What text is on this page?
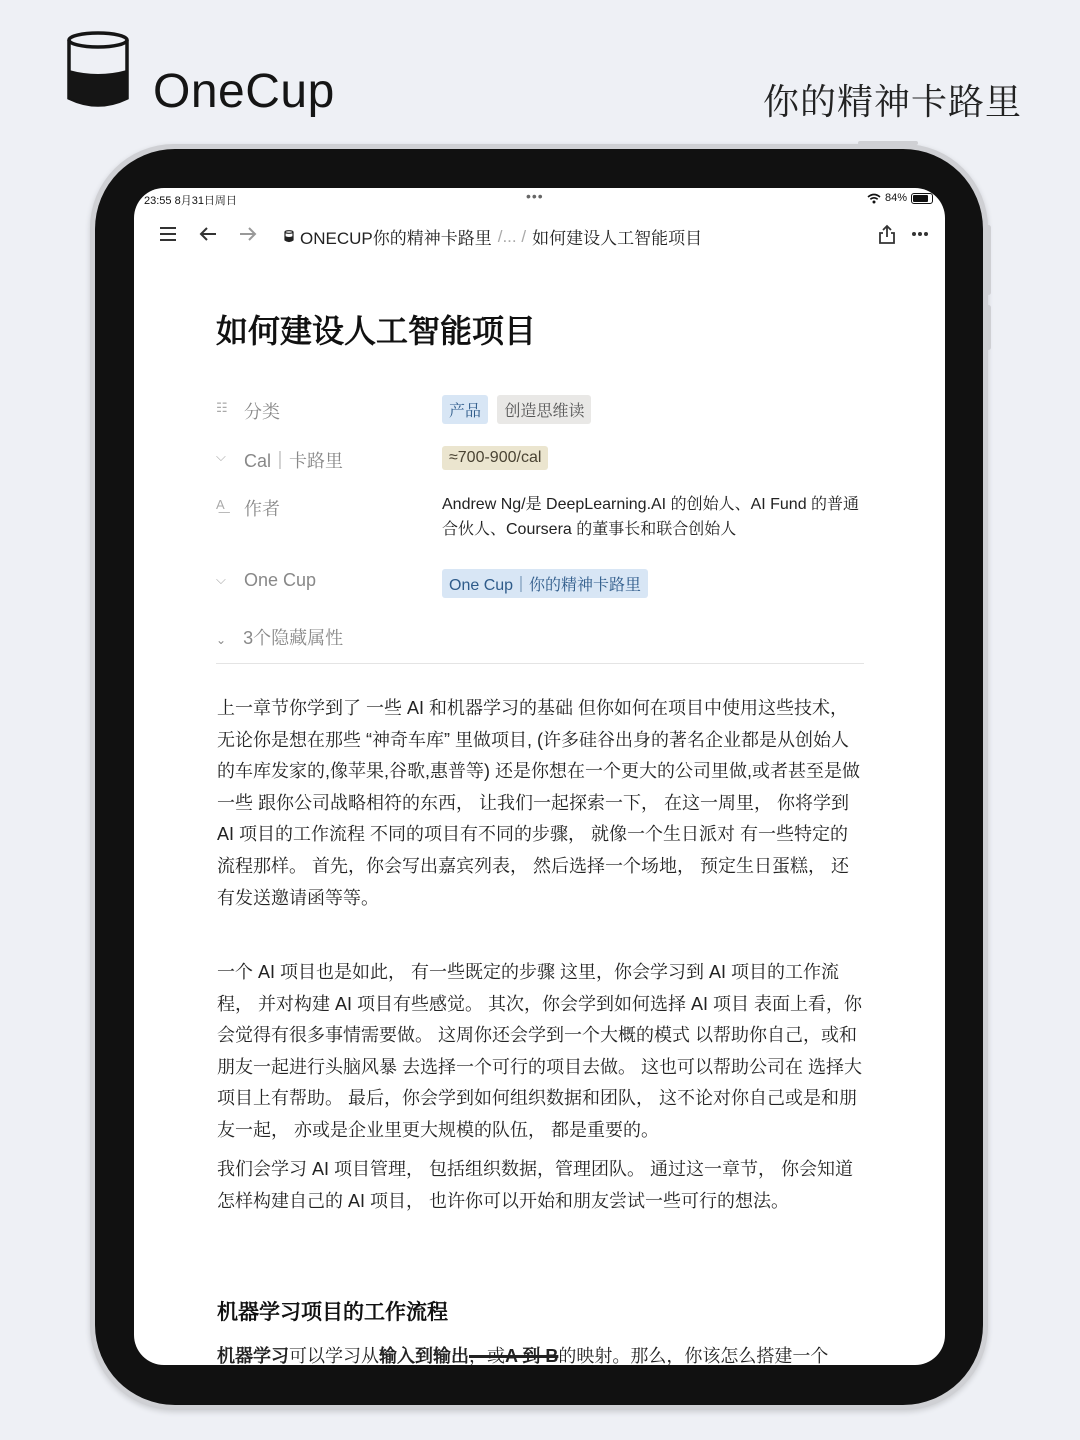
OneCup	你的精神卡路里
23:55 8月31日周日	•••	84%
ONECUP你的精神卡路里 /... / 如何建设人工智能项目
如何建设人工智能项目
☷ 分类	产品 创造思维读
⌵	Cal｜卡路里	≈700-900/cal
A͟	作者	Andrew Ng/是 DeepLearning.AI 的创始人、AI Fund 的普通合伙人、Coursera 的董事长和联合创始人
⌵	One Cup	One Cup｜你的精神卡路里
⌄ 3个隐藏属性
上一章节你学到了 一些 AI 和机器学习的基础 但你如何在项目中使用这些技术， 无论你是想在那些 “神奇车库” 里做项目, (许多硅谷出身的著名企业都是从创始人的车库发家的,像苹果,谷歌,惠普等) 还是你想在一个更大的公司里做,或者甚至是做一些 跟你公司战略相符的东西， 让我们一起探索一下， 在这一周里， 你将学到 AI 项目的工作流程 不同的项目有不同的步骤， 就像一个生日派对 有一些特定的流程那样。 首先，你会写出嘉宾列表， 然后选择一个场地， 预定生日蛋糕， 还有发送邀请函等等。
一个 AI 项目也是如此， 有一些既定的步骤 这里，你会学习到 AI 项目的工作流程， 并对构建 AI 项目有些感觉。 其次，你会学到如何选择 AI 项目 表面上看，你会觉得有很多事情需要做。 这周你还会学到一个大概的模式 以帮助你自己，或和朋友一起进行头脑风暴 去选择一个可行的项目去做。 这也可以帮助公司在 选择大项目上有帮助。 最后，你会学到如何组织数据和团队， 这不论对你自己或是和朋友一起， 亦或是企业里更大规模的队伍， 都是重要的。
我们会学习 AI 项目管理， 包括组织数据，管理团队。 通过这一章节， 你会知道怎样构建自己的 AI 项目， 也许你可以开始和朋友尝试一些可行的想法。
机器学习项目的工作流程
机器学习可以学习从输入到输出，或A 到 B的映射。那么，你该怎么搭建一个
